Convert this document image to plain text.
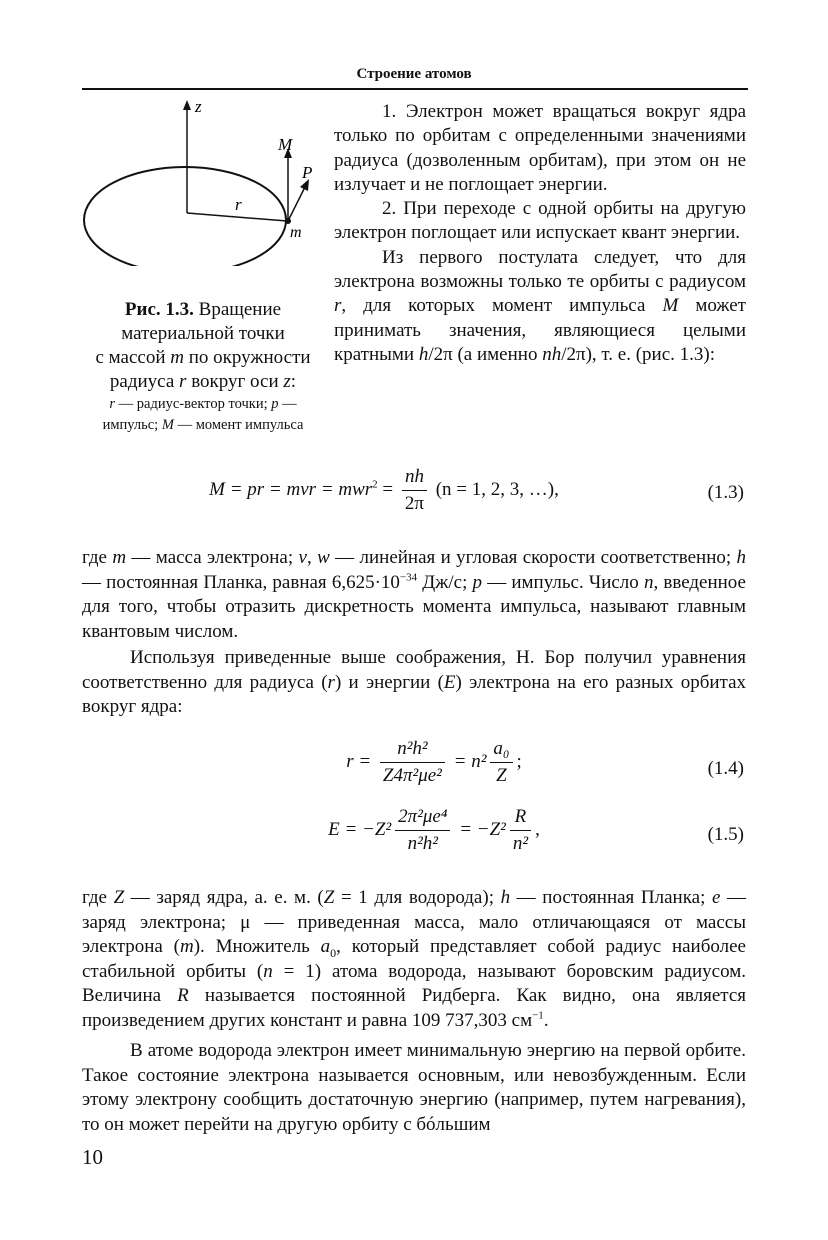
Строение атомов
z
M
P
r
m
Рис. 1.3. Вращение
материальной точки
с массой m по окружности
радиуса r вокруг оси z:
r — радиус-вектор точки; p —
импульс; M — момент импульса

1. Электрон может вращаться вокруг ядра только по орбитам с определенными значениями радиуса (дозволенным орбитам), при этом он не излучает и не поглощает энергии.

2. При переходе с одной орбиты на другую электрон поглощает или испускает квант энергии.

Из первого постулата следует, что для электрона возможны только те орбиты с радиусом r, для которых момент импульса M может принимать значения, являющиеся целыми кратными h/2π (а именно nh/2π), т. е. (рис. 1.3):

M = pr = mvr = $mwr^2 = \frac{nh}{2\pi} (n = 1$, 2, 3, …),	(1.3)

где m — масса электрона; v, w — линейная и угловая скорости соответственно; h — постоянная Планка, равная $6,625\cdot 10^{-34}$ Дж/с; p — импульс. Число n, введенное для того, чтобы отразить дискретность момента импульса, называют главным квантовым числом.

Используя приведенные выше соображения, Н. Бор получил уравнения соответственно для радиуса (r) и энергии (E) электрона на его разных орбитах вокруг ядра:

$r = \frac{\text{n²h²}}{\text{Z4π²μe²}} = n^2 \frac{\text{a₀}}{Z}$ ;	(1.4)
$E = -Z^2 \frac{\text{2π²μe⁴}}{\text{n²h²}} = -Z^2 \frac{R}{\text{n²}}$ ,	(1.5)

где Z — заряд ядра, а. е. м. (Z = 1 для водорода); h — постоянная Планка; e — заряд электрона; μ — приведенная масса, мало отличающаяся от массы электрона (m). Множитель $a_0$, который представляет собой радиус наиболее стабильной орбиты (n = 1) атома водорода, называют боровским радиусом. Величина R называется постоянной Ридберга. Как видно, она является произведением других констант и равна 109 737,303 $см^{-1}$.

В атоме водорода электрон имеет минимальную энергию на первой орбите. Такое состояние электрона называется основным, или невозбужденным. Если этому электрону сообщить достаточную энергию (например, путем нагревания), то он может перейти на другую орбиту с бóльшим

10
